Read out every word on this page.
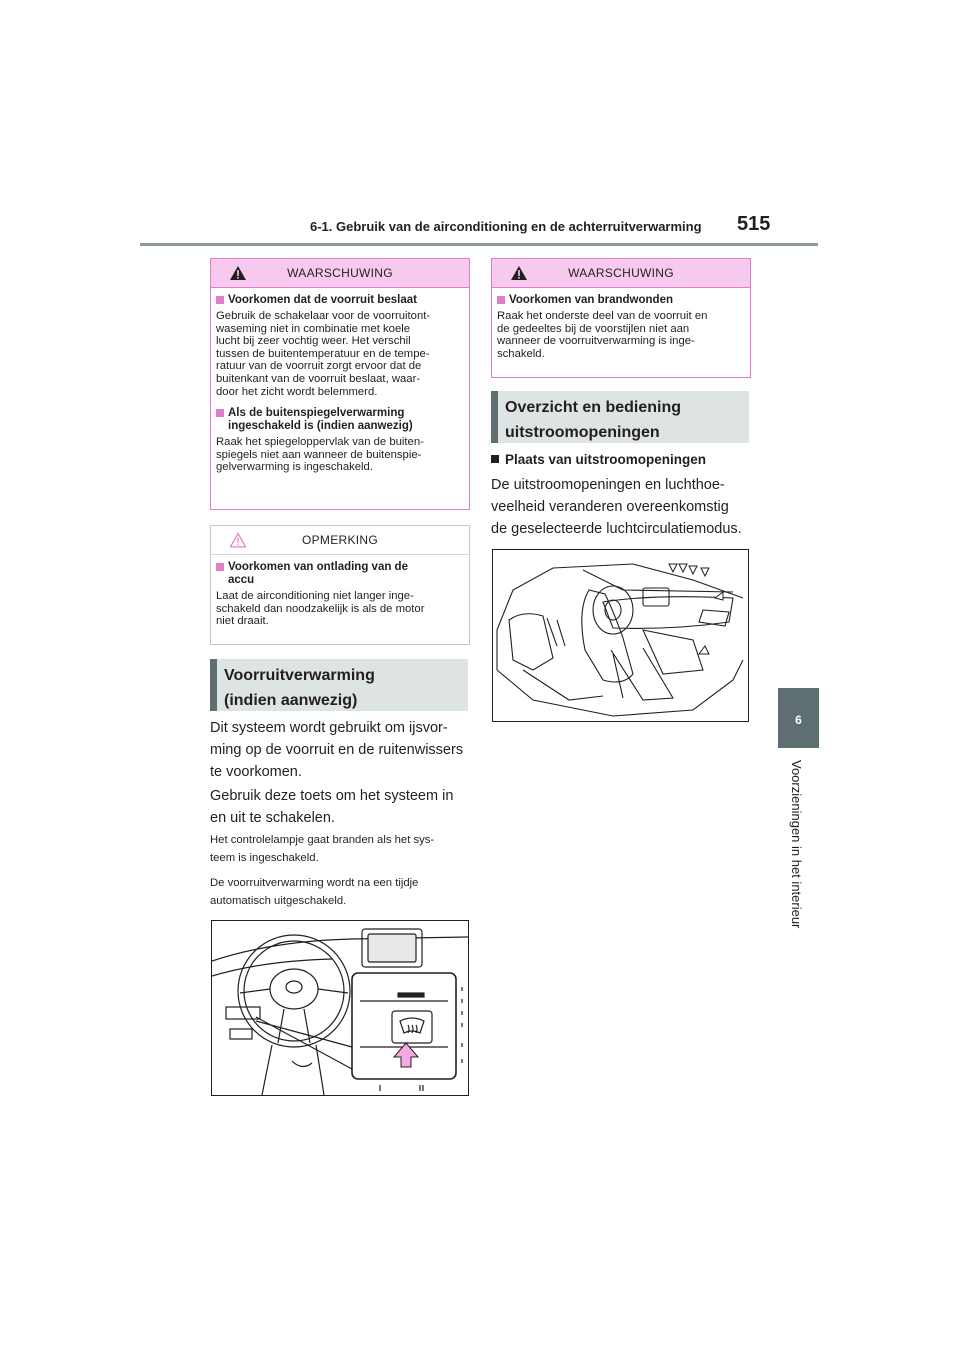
6-1. Gebruik van de airconditioning en de achterruitverwarming 515
6
Voorzieningen in het interieur
WAARSCHUWING
Voorkomen dat de voorruit beslaat
Gebruik de schakelaar voor de voorruitont-
waseming niet in combinatie met koele
lucht bij zeer vochtig weer. Het verschil
tussen de buitentemperatuur en de tempe-
ratuur van de voorruit zorgt ervoor dat de
buitenkant van de voorruit beslaat, waar-
door het zicht wordt belemmerd.
Als de buitenspiegelverwarming
ingeschakeld is (indien aanwezig)
Raak het spiegeloppervlak van de buiten-
spiegels niet aan wanneer de buitenspie-
gelverwarming is ingeschakeld.
OPMERKING
Voorkomen van ontlading van de
accu
Laat de airconditioning niet langer inge-
schakeld dan noodzakelijk is als de motor
niet draait.
Voorruitverwarming
(indien aanwezig)
Dit systeem wordt gebruikt om ijsvor-
ming op de voorruit en de ruitenwissers
te voorkomen.
Gebruik deze toets om het systeem in
en uit te schakelen.
Het controlelampje gaat branden als het sys-
teem is ingeschakeld.
De voorruitverwarming wordt na een tijdje
automatisch uitgeschakeld.
WAARSCHUWING
Voorkomen van brandwonden
Raak het onderste deel van de voorruit en
de gedeeltes bij de voorstijlen niet aan
wanneer de voorruitverwarming is inge-
schakeld.
Overzicht en bediening
uitstroomopeningen
Plaats van uitstroomopeningen
De uitstroomopeningen en luchthoe-
veelheid veranderen overeenkomstig
de geselecteerde luchtcirculatiemodus.
